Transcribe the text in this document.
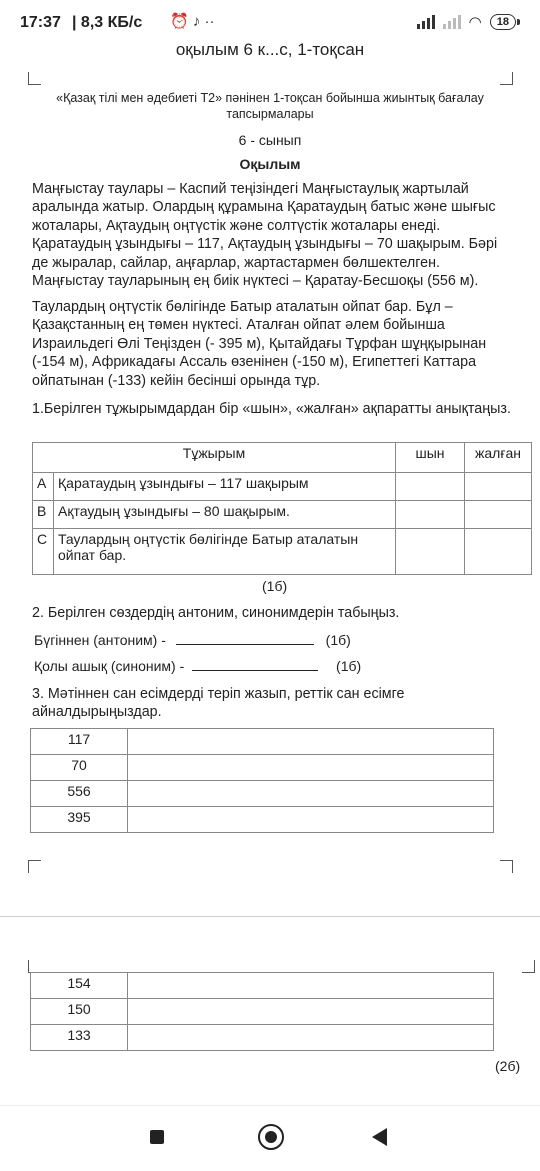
17:37 | 8,3 КБ/с ⏰ ♪ ··	◠	18
оқылым 6 к...с, 1-тоқсан
«Қазақ тілі мен әдебиеті Т2» пәнінен 1-тоқсан бойынша жиынтық бағалау тапсырмалары
6 - сынып
Оқылым
Маңғыстау таулары – Каспий теңізіндегі Маңғыстаулық жартылай аралында жатыр. Олардың құрамына Қаратаудың батыс және шығыс жоталары, Ақтаудың оңтүстік және солтүстік жоталары енеді. Қаратаудың ұзындығы – 117, Ақтаудың ұзындығы – 70 шақырым. Бәрі де жыралар, сайлар, аңғарлар, жартастармен бөлшектелген. Маңғыстау тауларының ең биік нүктесі – Қаратау-Бесшоқы (556 м).
Таулардың оңтүстік бөлігінде Батыр аталатын ойпат бар. Бұл – Қазақстанның ең төмен нүктесі. Аталған ойпат әлем бойынша Израильдегі Өлі Теңізден (- 395 м), Қытайдағы Тұрфан шұңқырынан (-154 м), Африкадағы Ассаль өзенінен (-150 м), Египеттегі Каттара ойпатынан (-133) кейін бесінші орында тұр.
1.Берілген тұжырымдардан бір «шын», «жалған» ақпаратты анықтаңыз.
Тұжырым		шын	жалған
A	Қаратаудың ұзындығы – 117 шақырым		
B	Ақтаудың ұзындығы – 80 шақырым.		
C	Таулардың оңтүстік бөлігінде Батыр аталатын ойпат бар.		
(1б)
2. Берілген сөздердің антоним, синонимдерін табыңыз.
Бүгіннен (антоним) -	(1б)
Қолы ашық (синоним) -	(1б)
3. Мәтіннен сан есімдерді теріп жазып, реттік сан есімге айналдырыңыздар.
117	
70	
556	
395	
154	
150	
133	
(2б)
